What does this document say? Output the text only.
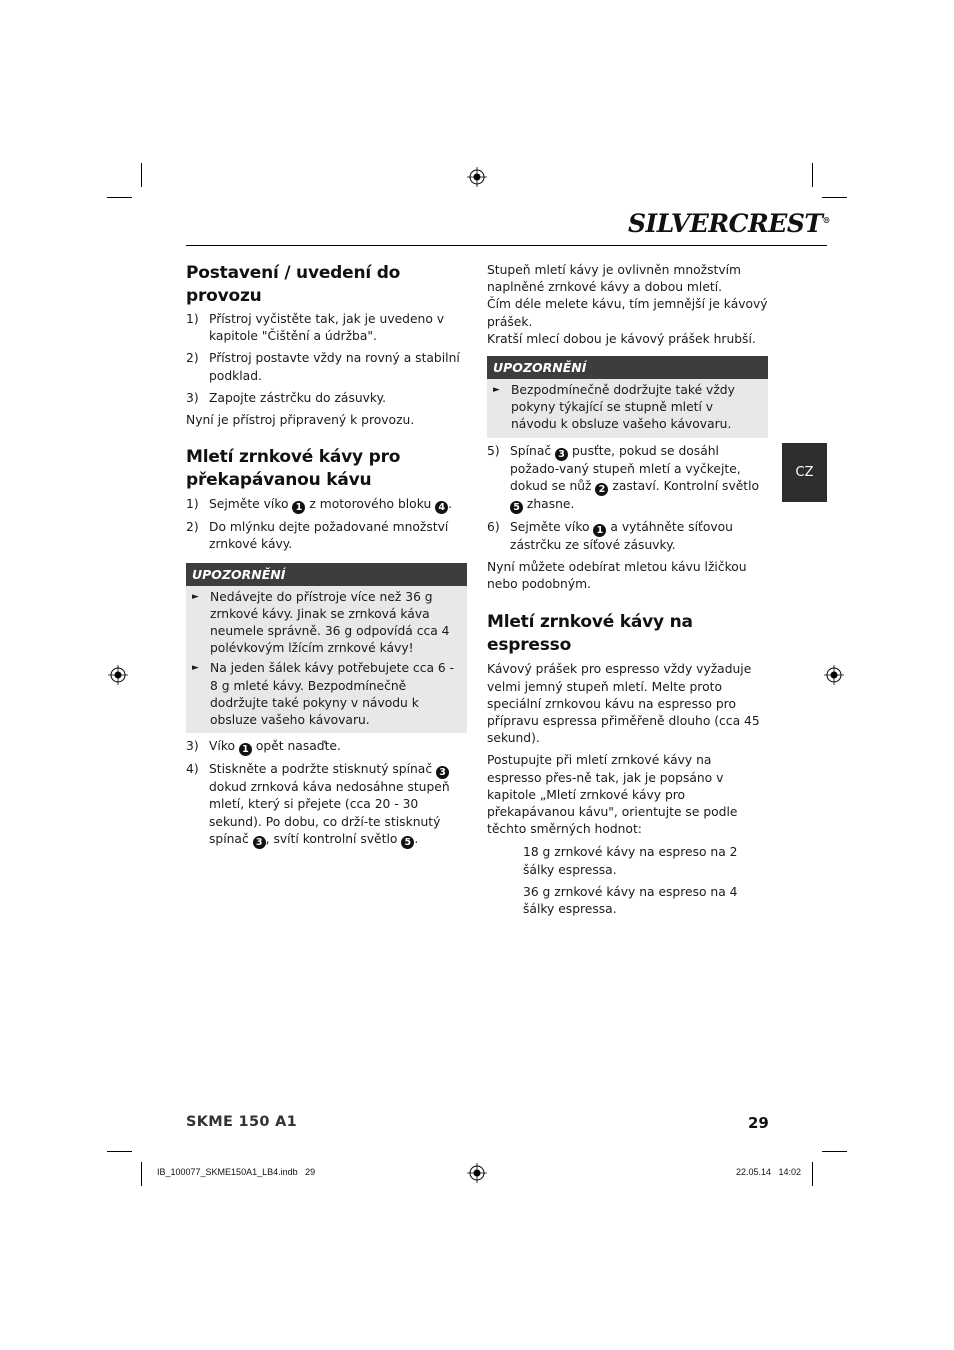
SILVERCREST®
CZ
Postavení / uvedení do provozu
1) Přístroj vyčistěte tak, jak je uvedeno v kapitole "Čištění a údržba".
2) Přístroj postavte vždy na rovný a stabilní podklad.
3) Zapojte zástrčku do zásuvky.

Nyní je přístroj připravený k provozu.

Mletí zrnkové kávy pro
překapávanou kávu
1) Sejměte víko 1 z motorového bloku 4 .
2) Do mlýnku dejte požadované množství zrnkové kávy.
UPOZORNĚNÍ
► Nedávejte do přístroje více než 36 g zrnkové kávy. Jinak se zrnková káva neumele správně. 36 g odpovídá cca 4 polévkovým lžícím zrnkové kávy!
► Na jeden šálek kávy potřebujete cca 6 - 8 g mleté kávy. Bezpodmínečně dodržujte také pokyny v návodu k obsluze vašeho kávovaru.
3) Víko 1 opět nasaďte.
4) Stiskněte a podržte stisknutý spínač 3 dokud zrnková káva nedosáhne stupeň mletí, který si přejete (cca 20 - 30 sekund). Po dobu, co drží-te stisknutý spínač 3 , svítí kontrolní světlo 5 .

Stupeň mletí kávy je ovlivněn množstvím naplněné zrnkové kávy a dobou mletí.

Čím déle melete kávu, tím jemnější je kávový prášek.

Kratší mlecí dobou je kávový prášek hrubší.

UPOZORNĚNÍ
► Bezpodmínečně dodržujte také vždy pokyny týkající se stupně mletí v návodu k obsluze vašeho kávovaru.
5) Spínač 3 pusťte, pokud se dosáhl požado-vaný stupeň mletí a vyčkejte, dokud se nůž 2 zastaví. Kontrolní světlo 5 zhasne.
6) Sejměte víko 1 a vytáhněte síťovou zástrčku ze síťové zásuvky.

Nyní můžete odebírat mletou kávu lžičkou nebo podobným.

Mletí zrnkové kávy na espresso

Kávový prášek pro espresso vždy vyžaduje velmi jemný stupeň mletí. Melte proto speciální zrnkovou kávu na espresso pro přípravu espressa přiměřeně dlouho (cca 45 sekund).

Postupujte při mletí zrnkové kávy na espresso přes-ně tak, jak je popsáno v kapitole „Mletí zrnkové kávy pro překapávanou kávu", orientujte se podle těchto směrných hodnot:

18 g zrnkové kávy na espreso na 2 šálky espressa.

36 g zrnkové kávy na espreso na 4 šálky espressa.

SKME 150 A1	29
IB_100077_SKME150A1_LB4.indb   29	22.05.14   14:02
